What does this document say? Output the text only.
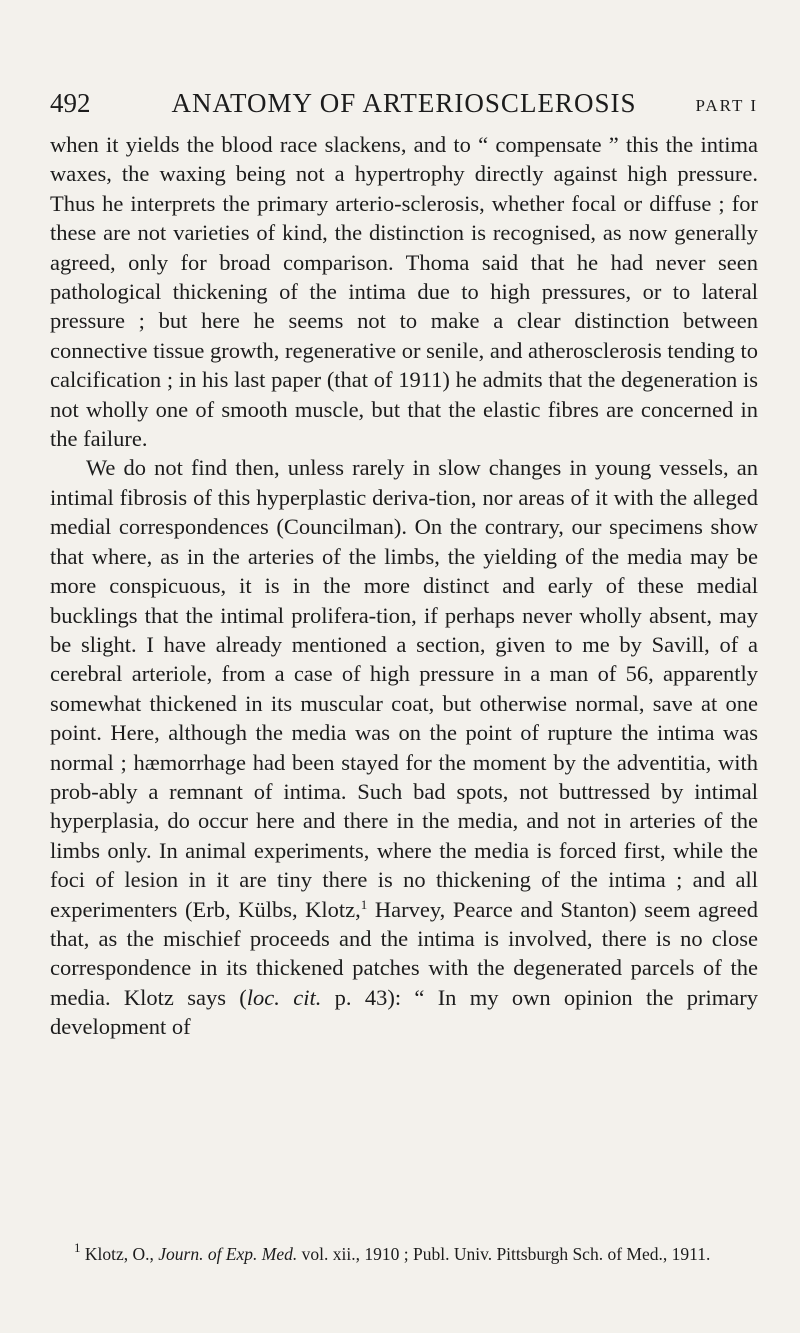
492	ANATOMY OF ARTERIOSCLEROSIS	PART I

when it yields the blood race slackens, and to “ compensate ” this the intima waxes, the waxing being not a hypertrophy directly against high pressure. Thus he interprets the primary arterio-sclerosis, whether focal or diffuse ; for these are not varieties of kind, the distinction is recognised, as now generally agreed, only for broad comparison. Thoma said that he had never seen pathological thickening of the intima due to high pressures, or to lateral pressure ; but here he seems not to make a clear distinction between connective tissue growth, regenerative or senile, and atherosclerosis tending to calcification ; in his last paper (that of 1911) he admits that the degeneration is not wholly one of smooth muscle, but that the elastic fibres are concerned in the failure.

We do not find then, unless rarely in slow changes in young vessels, an intimal fibrosis of this hyperplastic deriva-tion, nor areas of it with the alleged medial correspondences (Councilman). On the contrary, our specimens show that where, as in the arteries of the limbs, the yielding of the media may be more conspicuous, it is in the more distinct and early of these medial bucklings that the intimal prolifera-tion, if perhaps never wholly absent, may be slight. I have already mentioned a section, given to me by Savill, of a cerebral arteriole, from a case of high pressure in a man of 56, apparently somewhat thickened in its muscular coat, but otherwise normal, save at one point. Here, although the media was on the point of rupture the intima was normal ; hæmorrhage had been stayed for the moment by the adventitia, with prob-ably a remnant of intima. Such bad spots, not buttressed by intimal hyperplasia, do occur here and there in the media, and not in arteries of the limbs only. In animal experiments, where the media is forced first, while the foci of lesion in it are tiny there is no thickening of the intima ; and all experimenters (Erb, Külbs, Klotz,$^1$ Harvey, Pearce and Stanton) seem agreed that, as the mischief proceeds and the intima is involved, there is no close correspondence in its thickened patches with the degenerated parcels of the media. Klotz says (loc. cit. p. 43): “ In my own opinion the primary development of

$^1$ Klotz, O., Journ. of Exp. Med. vol. xii., 1910 ; Publ. Univ. Pittsburgh Sch. of Med., 1911.
